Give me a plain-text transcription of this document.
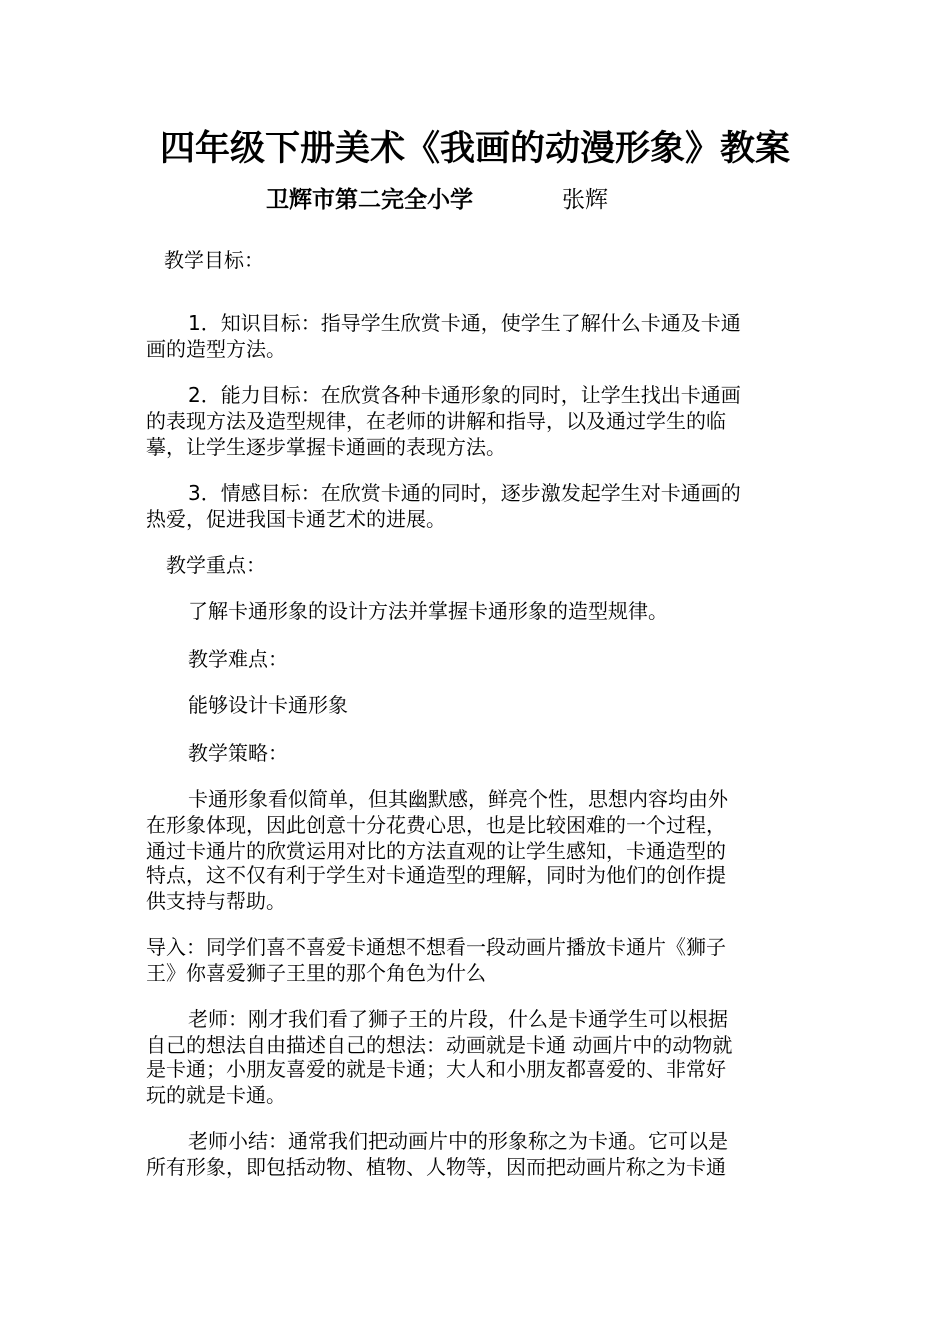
四年级下册美术《我画的动漫形象》教案

卫辉市第二完全小学	张辉

教学目标：

1．知识目标：指导学生欣赏卡通，使学生了解什么卡通及卡通

画的造型方法。

2．能力目标：在欣赏各种卡通形象的同时，让学生找出卡通画

的表现方法及造型规律，在老师的讲解和指导，以及通过学生的临

摹，让学生逐步掌握卡通画的表现方法。

3．情感目标：在欣赏卡通的同时，逐步激发起学生对卡通画的

热爱，促进我国卡通艺术的进展。

教学重点：

了解卡通形象的设计方法并掌握卡通形象的造型规律。

教学难点：

能够设计卡通形象

教学策略：

卡通形象看似简单，但其幽默感，鲜亮个性，思想内容均由外

在形象体现，因此创意十分花费心思，也是比较困难的一个过程，

通过卡通片的欣赏运用对比的方法直观的让学生感知，卡通造型的

特点，这不仅有利于学生对卡通造型的理解，同时为他们的创作提

供支持与帮助。

导入：同学们喜不喜爱卡通想不想看一段动画片播放卡通片《狮子

王》你喜爱狮子王里的那个角色为什么

老师：刚才我们看了狮子王的片段，什么是卡通学生可以根据

自己的想法自由描述自己的想法：动画就是卡通 动画片中的动物就

是卡通；小朋友喜爱的就是卡通；大人和小朋友都喜爱的、非常好

玩的就是卡通。

老师小结：通常我们把动画片中的形象称之为卡通。它可以是

所有形象，即包括动物、植物、人物等，因而把动画片称之为卡通
